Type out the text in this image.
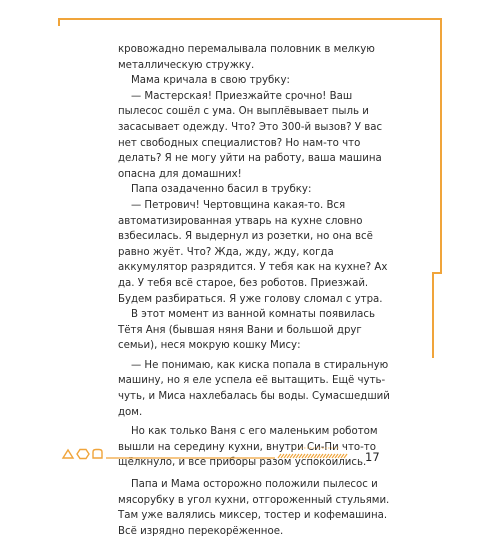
кровожадно перемалывала половник в мелкую металлическую стружку.

Мама кричала в свою трубку:

— Мастерская! Приезжайте срочно! Ваш пылесос сошёл с ума. Он выплёвывает пыль и засасывает одежду. Что? Это 300-й вызов? У вас нет свободных специалистов? Но нам-то что делать? Я не могу уйти на работу, ваша машина опасна для домашних!

Папа озадаченно басил в трубку:

— Петрович! Чертовщина какая-то. Вся автоматизированная утварь на кухне словно взбесилась. Я выдернул из розетки, но она всё равно жуёт. Что? Жда, жду, жду, когда аккумулятор разрядится. У тебя как на кухне? Ах да. У тебя всё старое, без роботов. Приезжай. Будем разбираться. Я уже голову сломал с утра.

В этот момент из ванной комнаты появилась Тётя Аня (бывшая няня Вани и большой друг семьи), неся мокрую кошку Мису:

— Не понимаю, как киска попала в стиральную машину, но я еле успела её вытащить. Ещё чуть-чуть, и Миса нахлебалась бы воды. Сумасшедший дом.

Но как только Ваня с его маленьким роботом вышли на середину кухни, внутри Си-Пи что-то щёлкнуло, и все приборы разом успокоились.

Папа и Мама осторожно положили пылесос и мясорубку в угол кухни, отгороженный стульями. Там уже валялись миксер, тостер и кофемашина. Всё изрядно перекорёженное.

17
